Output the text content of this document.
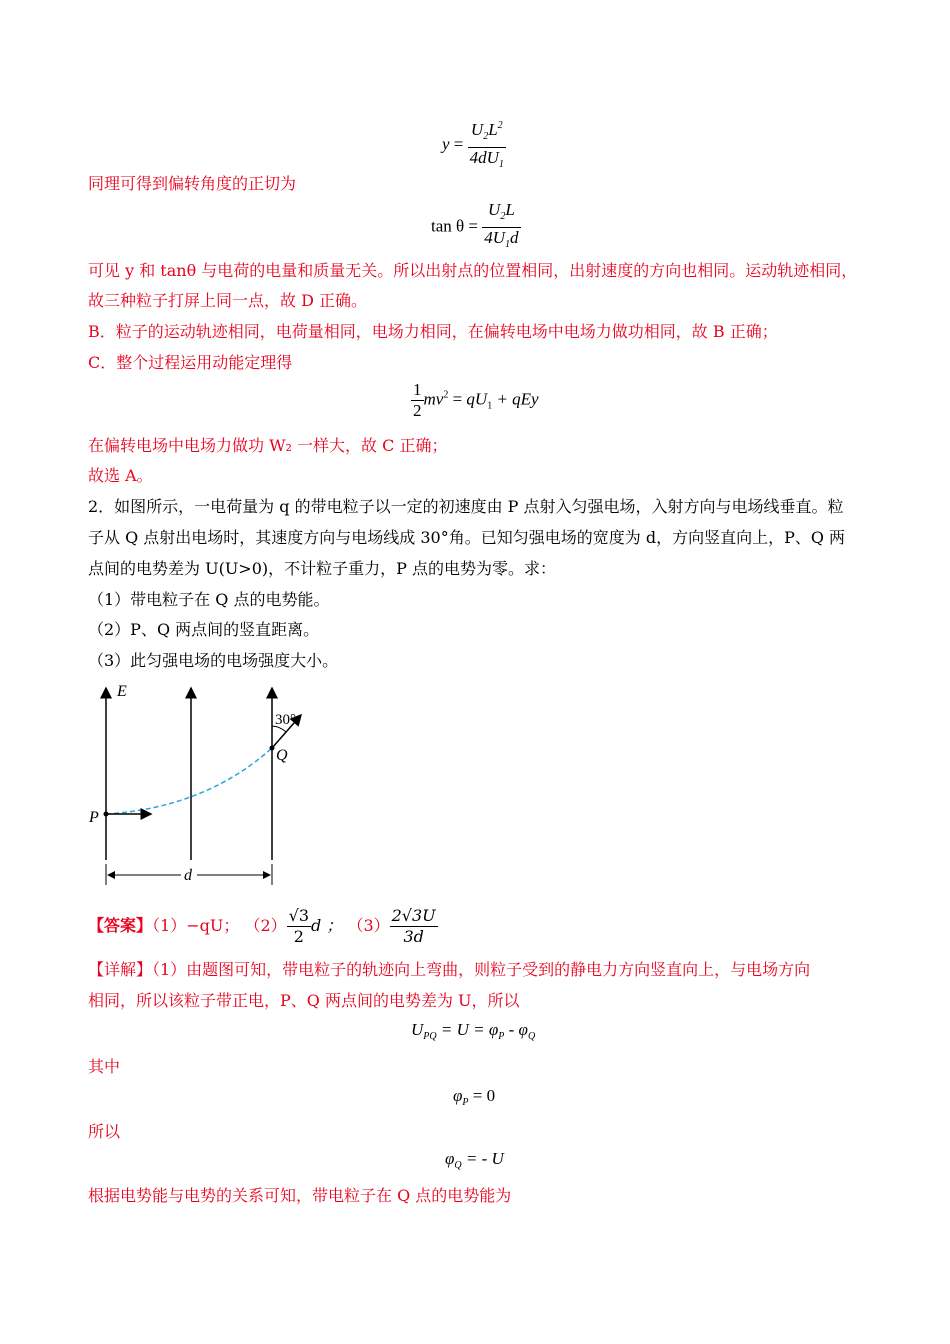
$y = \frac{U_2L^2}{4dU_1}$
同理可得到偏转角度的正切为
$\tan \theta = \frac{U_2L}{4U_1d}$
可见 y 和 tanθ 与电荷的电量和质量无关。所以出射点的位置相同，出射速度的方向也相同。运动轨迹相同，
故三种粒子打屏上同一点，故 D 正确。
B．粒子的运动轨迹相同，电荷量相同，电场力相同，在偏转电场中电场力做功相同，故 B 正确；
C．整个过程运用动能定理得
$\frac{1}{2} mv^2 = qU_1$ + qEy
在偏转电场中电场力做功 W₂ 一样大，故 C 正确；
故选 A。
2．如图所示，一电荷量为 q 的带电粒子以一定的初速度由 P 点射入匀强电场，入射方向与电场线垂直。粒
子从 Q 点射出电场时，其速度方向与电场线成 30°角。已知匀强电场的宽度为 d，方向竖直向上，P、Q 两
点间的电势差为 U(U>0)，不计粒子重力，P 点的电势为零。求：
（1）带电粒子在 Q 点的电势能。
（2）P、Q 两点间的竖直距离。
（3）此匀强电场的电场强度大小。
E
30°
Q
P
d
【答案】（1）−qU； $(2) \frac{√3}{2}$ d ； $(3) \frac{2√3U}{3d}$
【详解】（1）由题图可知，带电粒子的轨迹向上弯曲，则粒子受到的静电力方向竖直向上，与电场方向
相同，所以该粒子带正电，P、Q 两点间的电势差为 U，所以
$U_{PQ} = U = \varphi_P - \varphi_Q$
其中
$\varphi_P = 0$
所以
$\varphi_Q$ = - U
根据电势能与电势的关系可知，带电粒子在 Q 点的电势能为
